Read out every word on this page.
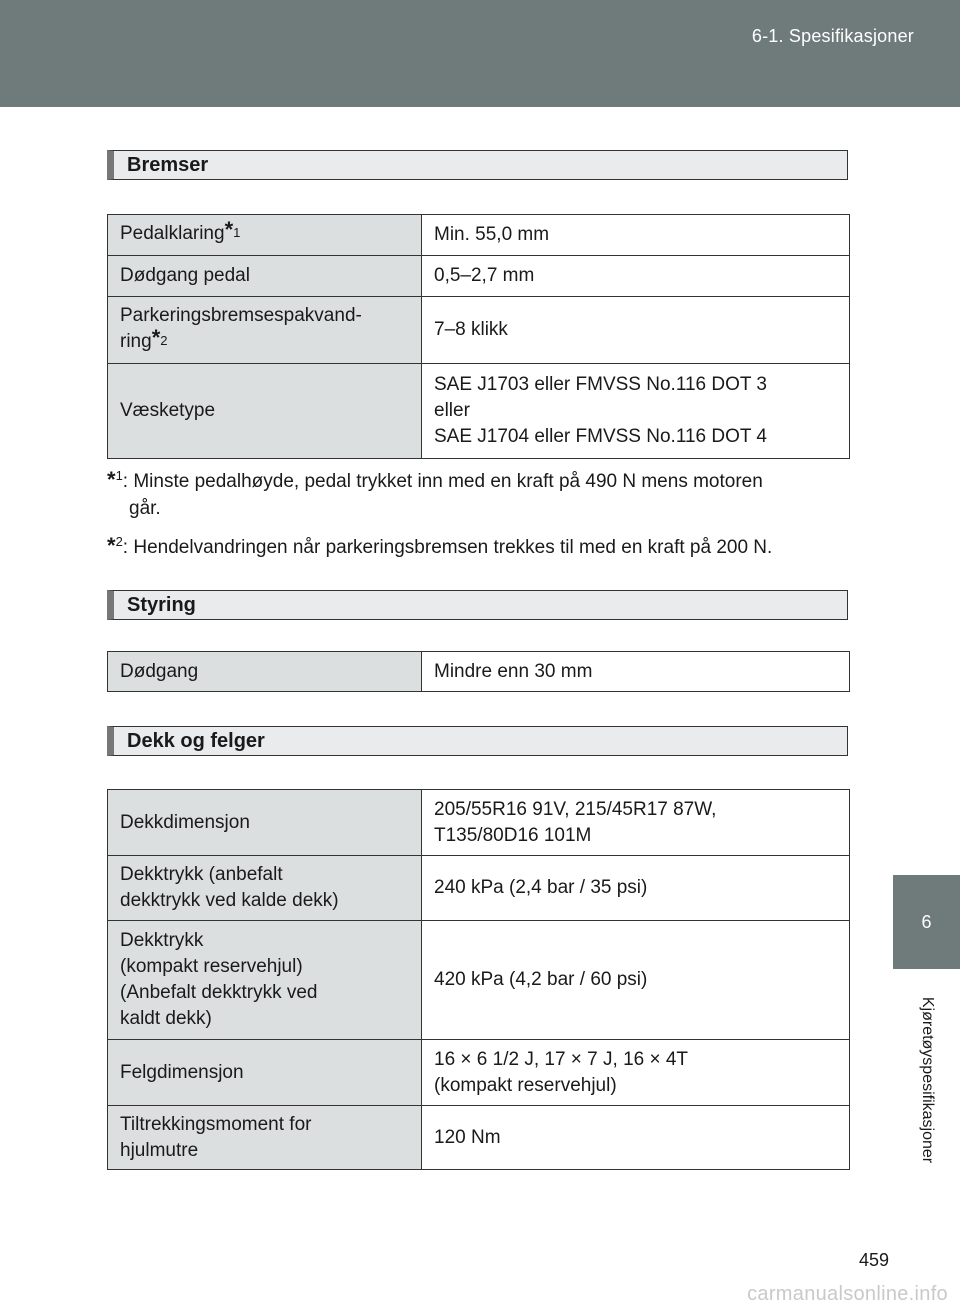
6-1. Spesifikasjoner
6
Kjøretøyspesifikasjoner
Bremser
Pedalklaring$^{*1}$	Min. 55,0 mm
Dødgang pedal	0,5–2,7 mm
Parkeringsbremsespakvand-
ring$^{*2}$	7–8 klikk
Væsketype	SAE J1703 eller FMVSS No.116 DOT 3
eller
SAE J1704 eller FMVSS No.116 DOT 4
*$^1$: Minste pedalhøyde, pedal trykket inn med en kraft på 490 N mens motoren
går.
*$^2$: Hendelvandringen når parkeringsbremsen trekkes til med en kraft på 200 N.
Styring
Dødgang	Mindre enn 30 mm
Dekk og felger
Dekkdimensjon	205/55R16 91V, 215/45R17 87W,
T135/80D16 101M
Dekktrykk (anbefalt
dekktrykk ved kalde dekk)	240 kPa (2,4 bar / 35 psi)
Dekktrykk
(kompakt reservehjul)
(Anbefalt dekktrykk ved
kaldt dekk)	420 kPa (4,2 bar / 60 psi)
Felgdimensjon	16 × 6 1/2 J, 17 × 7 J, 16 × 4T
(kompakt reservehjul)
Tiltrekkingsmoment for
hjulmutre	120 Nm
459
carmanualsonline.info
